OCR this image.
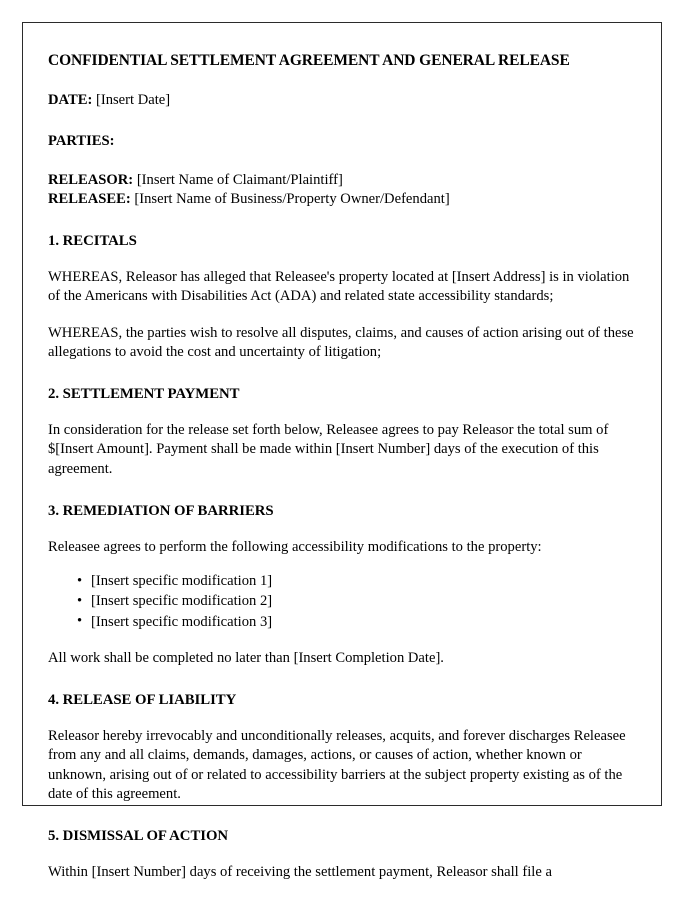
CONFIDENTIAL SETTLEMENT AGREEMENT AND GENERAL RELEASE

DATE: [Insert Date]

PARTIES:

RELEASOR: [Insert Name of Claimant/Plaintiff]
RELEASEE: [Insert Name of Business/Property Owner/Defendant]

1. RECITALS

WHEREAS, Releasor has alleged that Releasee's property located at [Insert Address] is in violation of the Americans with Disabilities Act (ADA) and related state accessibility standards;

WHEREAS, the parties wish to resolve all disputes, claims, and causes of action arising out of these allegations to avoid the cost and uncertainty of litigation;

2. SETTLEMENT PAYMENT

In consideration for the release set forth below, Releasee agrees to pay Releasor the total sum of $[Insert Amount]. Payment shall be made within [Insert Number] days of the execution of this agreement.

3. REMEDIATION OF BARRIERS

Releasee agrees to perform the following accessibility modifications to the property:

• [Insert specific modification 1]
• [Insert specific modification 2]
• [Insert specific modification 3]

All work shall be completed no later than [Insert Completion Date].

4. RELEASE OF LIABILITY

Releasor hereby irrevocably and unconditionally releases, acquits, and forever discharges Releasee from any and all claims, demands, damages, actions, or causes of action, whether known or unknown, arising out of or related to accessibility barriers at the subject property existing as of the date of this agreement.

5. DISMISSAL OF ACTION

Within [Insert Number] days of receiving the settlement payment, Releasor shall file a
